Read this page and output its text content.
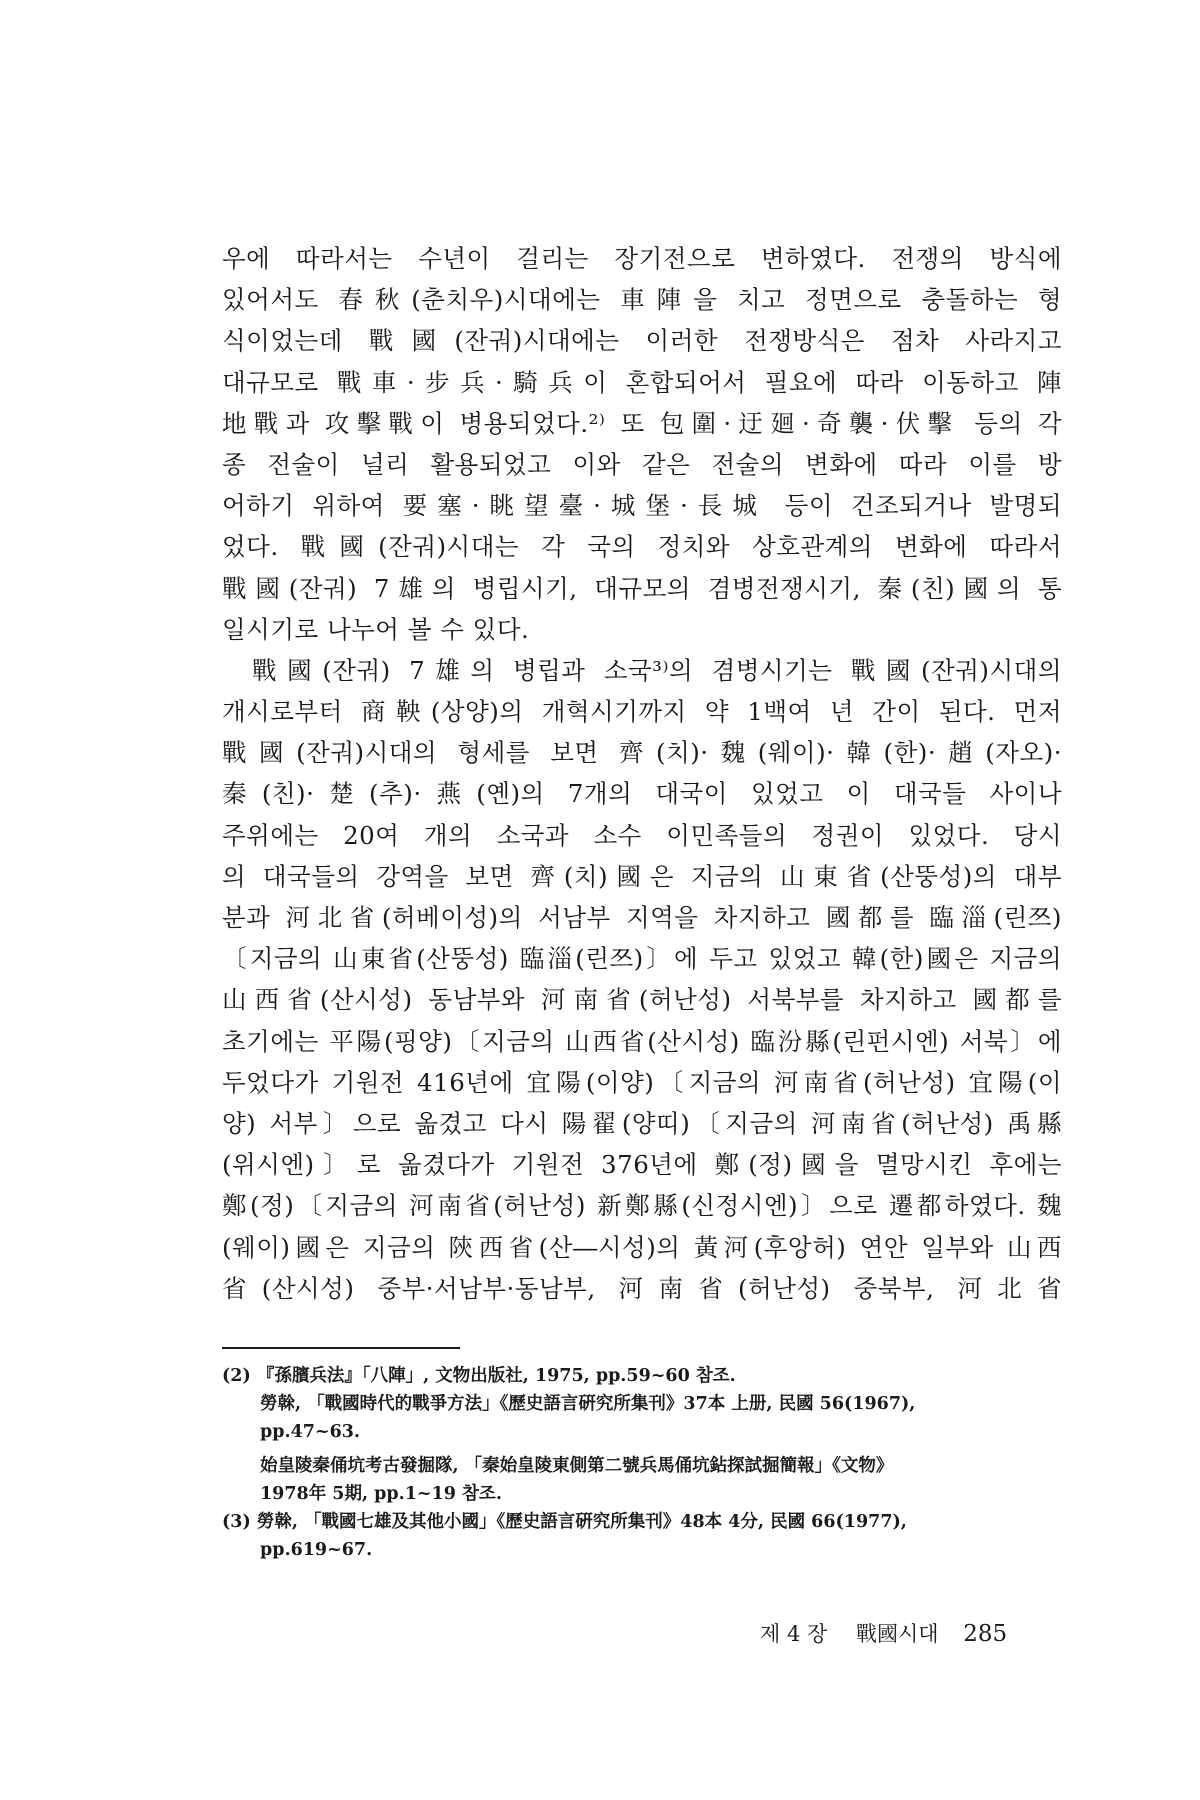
우에 따라서는 수년이 걸리는 장기전으로 변하였다. 전쟁의 방식에
있어서도 春秋(춘치우)시대에는 車陣을 치고 정면으로 충돌하는 형
식이었는데 戰國(잔궈)시대에는 이러한 전쟁방식은 점차 사라지고
대규모로 戰車·步兵·騎兵이 혼합되어서 필요에 따라 이동하고 陣
地戰과 攻擊戰이 병용되었다.²⁾ 또 包圍·迂廻·奇襲·伏擊 등의 각
종 전술이 널리 활용되었고 이와 같은 전술의 변화에 따라 이를 방
어하기 위하여 要塞·眺望臺·城堡·長城 등이 건조되거나 발명되
었다. 戰國(잔궈)시대는 각 국의 정치와 상호관계의 변화에 따라서
戰國(잔궈) 7雄의 병립시기, 대규모의 겸병전쟁시기, 秦(친)國의 통
일시기로 나누어 볼 수 있다.
戰國(잔궈) 7雄의 병립과 소국³⁾의 겸병시기는 戰國(잔궈)시대의
개시로부터 商鞅(상양)의 개혁시기까지 약 1백여 년 간이 된다. 먼저
戰國(잔궈)시대의 형세를 보면 齊(치)·魏(웨이)·韓(한)·趙(자오)·
秦(친)·楚(추)·燕(옌)의 7개의 대국이 있었고 이 대국들 사이나
주위에는 20여 개의 소국과 소수 이민족들의 정권이 있었다. 당시
의 대국들의 강역을 보면 齊(치)國은 지금의 山東省(산뚱성)의 대부
분과 河北省(허베이성)의 서남부 지역을 차지하고 國都를 臨淄(린쯔)
〔지금의 山東省(산뚱성) 臨淄(린쯔)〕에 두고 있었고 韓(한)國은 지금의
山西省(산시성) 동남부와 河南省(허난성) 서북부를 차지하고 國都를
초기에는 平陽(핑양)〔지금의 山西省(산시성) 臨汾縣(린펀시엔) 서북〕에
두었다가 기원전 416년에 宜陽(이양)〔지금의 河南省(허난성) 宜陽(이
양) 서부〕으로 옮겼고 다시 陽翟(양띠)〔지금의 河南省(허난성) 禹縣
(위시엔)〕로 옮겼다가 기원전 376년에 鄭(정)國을 멸망시킨 후에는
鄭(정)〔지금의 河南省(허난성) 新鄭縣(신정시엔)〕으로 遷都하였다. 魏
(웨이)國은 지금의 陝西省(산―시성)의 黃河(후앙허) 연안 일부와 山西
省(산시성) 중부·서남부·동남부, 河南省(허난성) 중북부, 河北省
(2) 『孫臏兵法』「八陣」, 文物出版社, 1975, pp.59~60 참조.
勞榦, 「戰國時代的戰爭方法」《歷史語言硏究所集刊》37本 上册, 民國 56(1967),
pp.47~63.
始皇陵秦俑坑考古發掘隊, 「秦始皇陵東側第二號兵馬俑坑鉆探試掘簡報」《文物》
1978年 5期, pp.1~19 참조.
(3) 勞榦, 「戰國七雄及其他小國」《歷史語言硏究所集刊》48本 4分, 民國 66(1977),
pp.619~67.
제 4 장 戰國시대 285
